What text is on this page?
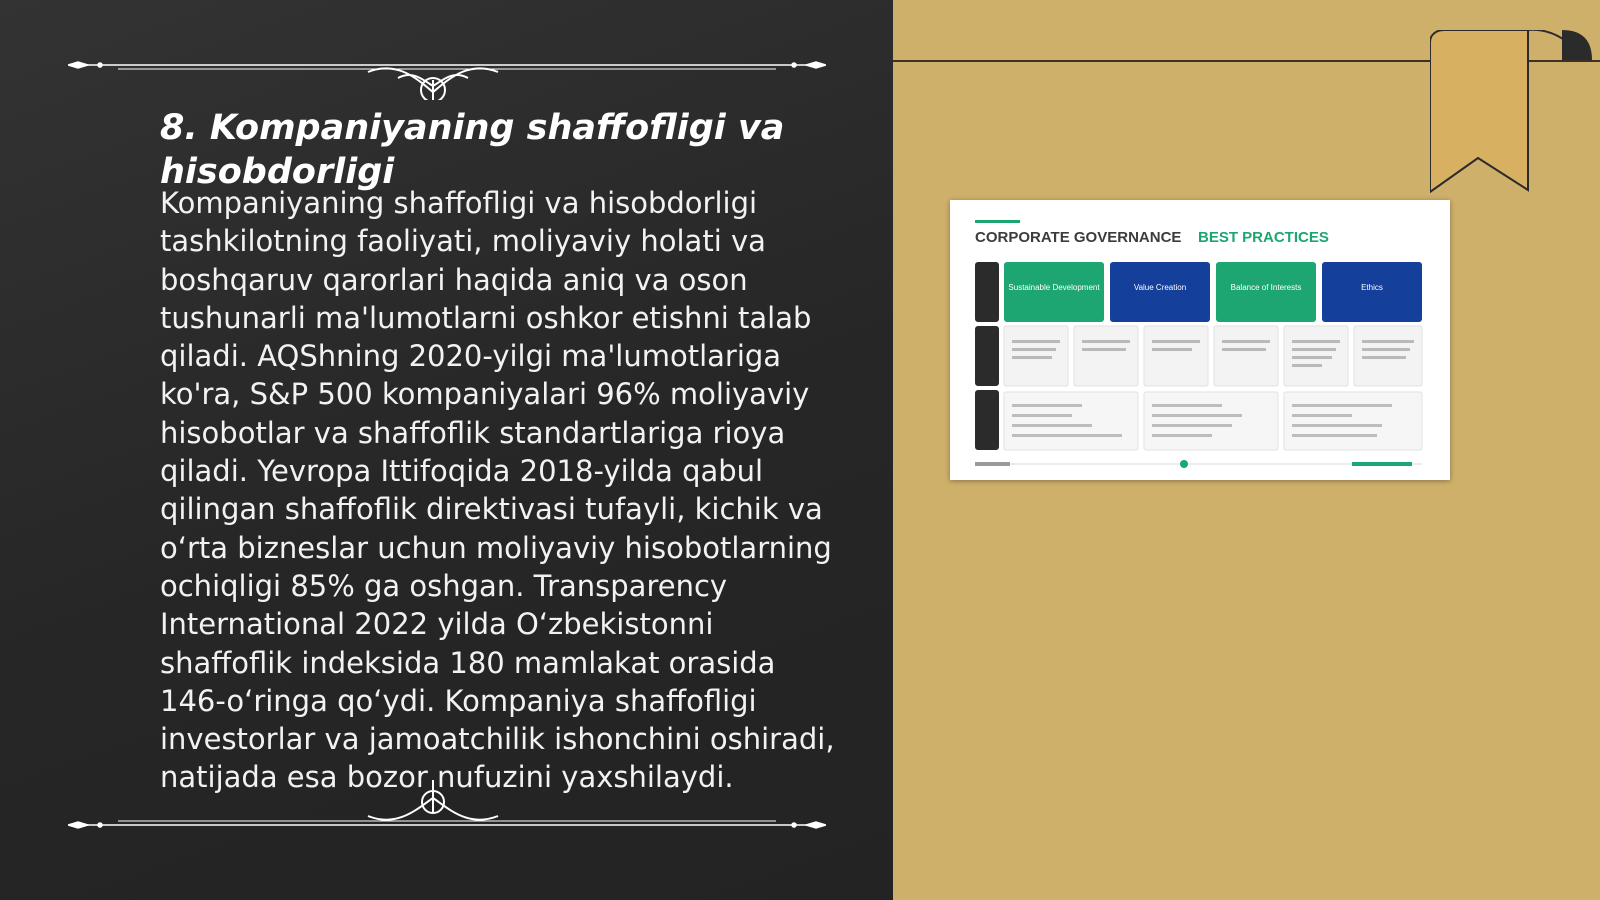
8. Kompaniyaning shaffofligi va hisobdorligi
Kompaniyaning shaffofligi va hisobdorligi tashkilotning faoliyati, moliyaviy holati va boshqaruv qarorlari haqida aniq va oson tushunarli ma'lumotlarni oshkor etishni talab qiladi. AQShning 2020-yilgi ma'lumotlariga ko'ra, S&P 500 kompaniyalari 96% moliyaviy hisobotlar va shaffoflik standartlariga rioya qiladi. Yevropa Ittifoqida 2018-yilda qabul qilingan shaffoflik direktivasi tufayli, kichik va o‘rta bizneslar uchun moliyaviy hisobotlarning ochiqligi 85% ga oshgan. Transparency International 2022 yilda O‘zbekistonni shaffoflik indeksida 180 mamlakat orasida 146-o‘ringa qo‘ydi. Kompaniya shaffofligi investorlar va jamoatchilik ishonchini oshiradi, natijada esa bozor nufuzini yaxshilaydi.
CORPORATE GOVERNANCE BEST PRACTICES
Sustainable Development	Value Creation	Balance of Interests	Ethics
